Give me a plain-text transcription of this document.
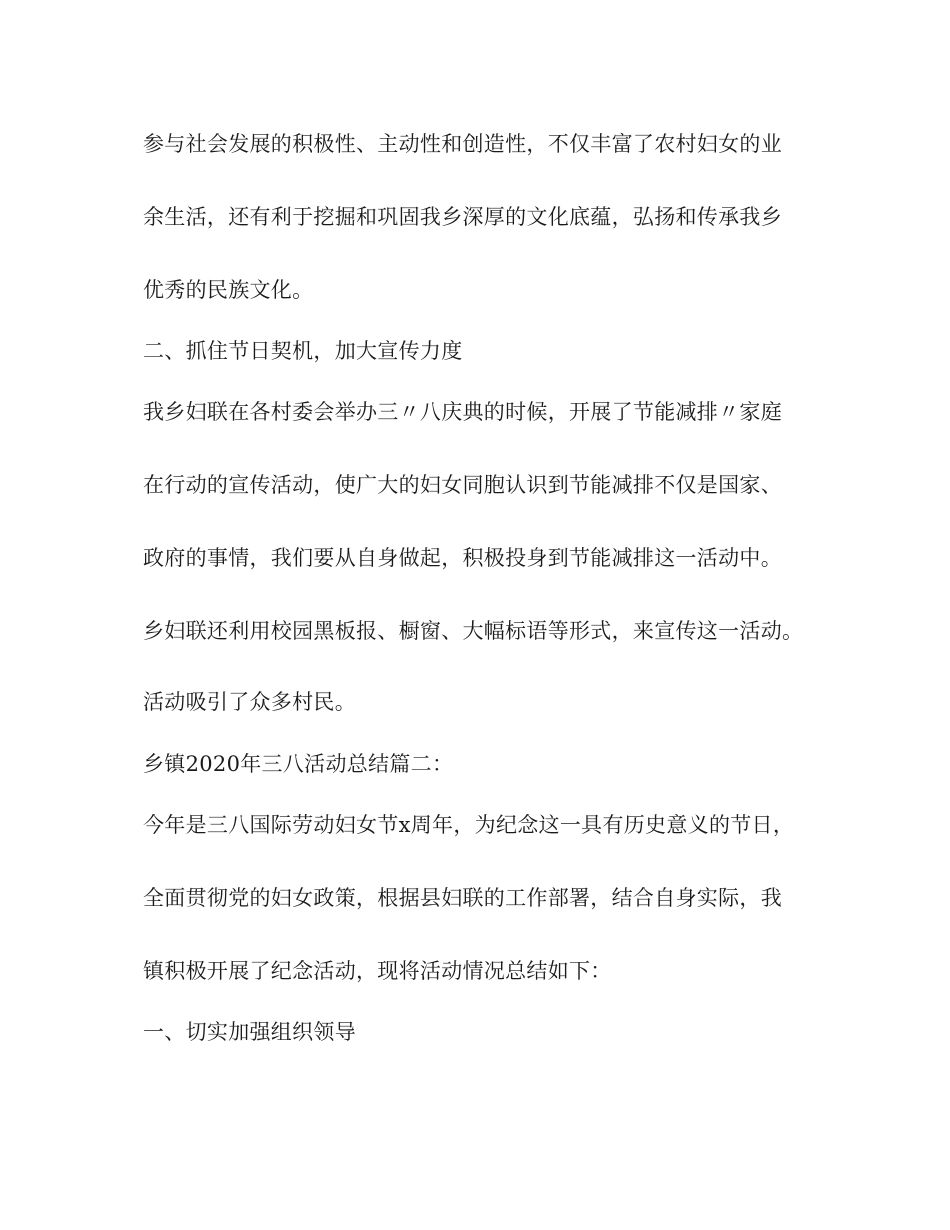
参与社会发展的积极性、主动性和创造性，不仅丰富了农村妇女的业
余生活，还有利于挖掘和巩固我乡深厚的文化底蕴，弘扬和传承我乡
优秀的民族文化。
二、抓住节日契机，加大宣传力度
我乡妇联在各村委会举办三〃八庆典的时候，开展了节能减排〃家庭
在行动的宣传活动，使广大的妇女同胞认识到节能减排不仅是国家、
政府的事情，我们要从自身做起，积极投身到节能减排这一活动中。
乡妇联还利用校园黑板报、橱窗、大幅标语等形式，来宣传这一活动。
活动吸引了众多村民。
乡镇2020年三八活动总结篇二：
今年是三八国际劳动妇女节x周年，为纪念这一具有历史意义的节日，
全面贯彻党的妇女政策，根据县妇联的工作部署，结合自身实际，我
镇积极开展了纪念活动，现将活动情况总结如下：
一、切实加强组织领导
